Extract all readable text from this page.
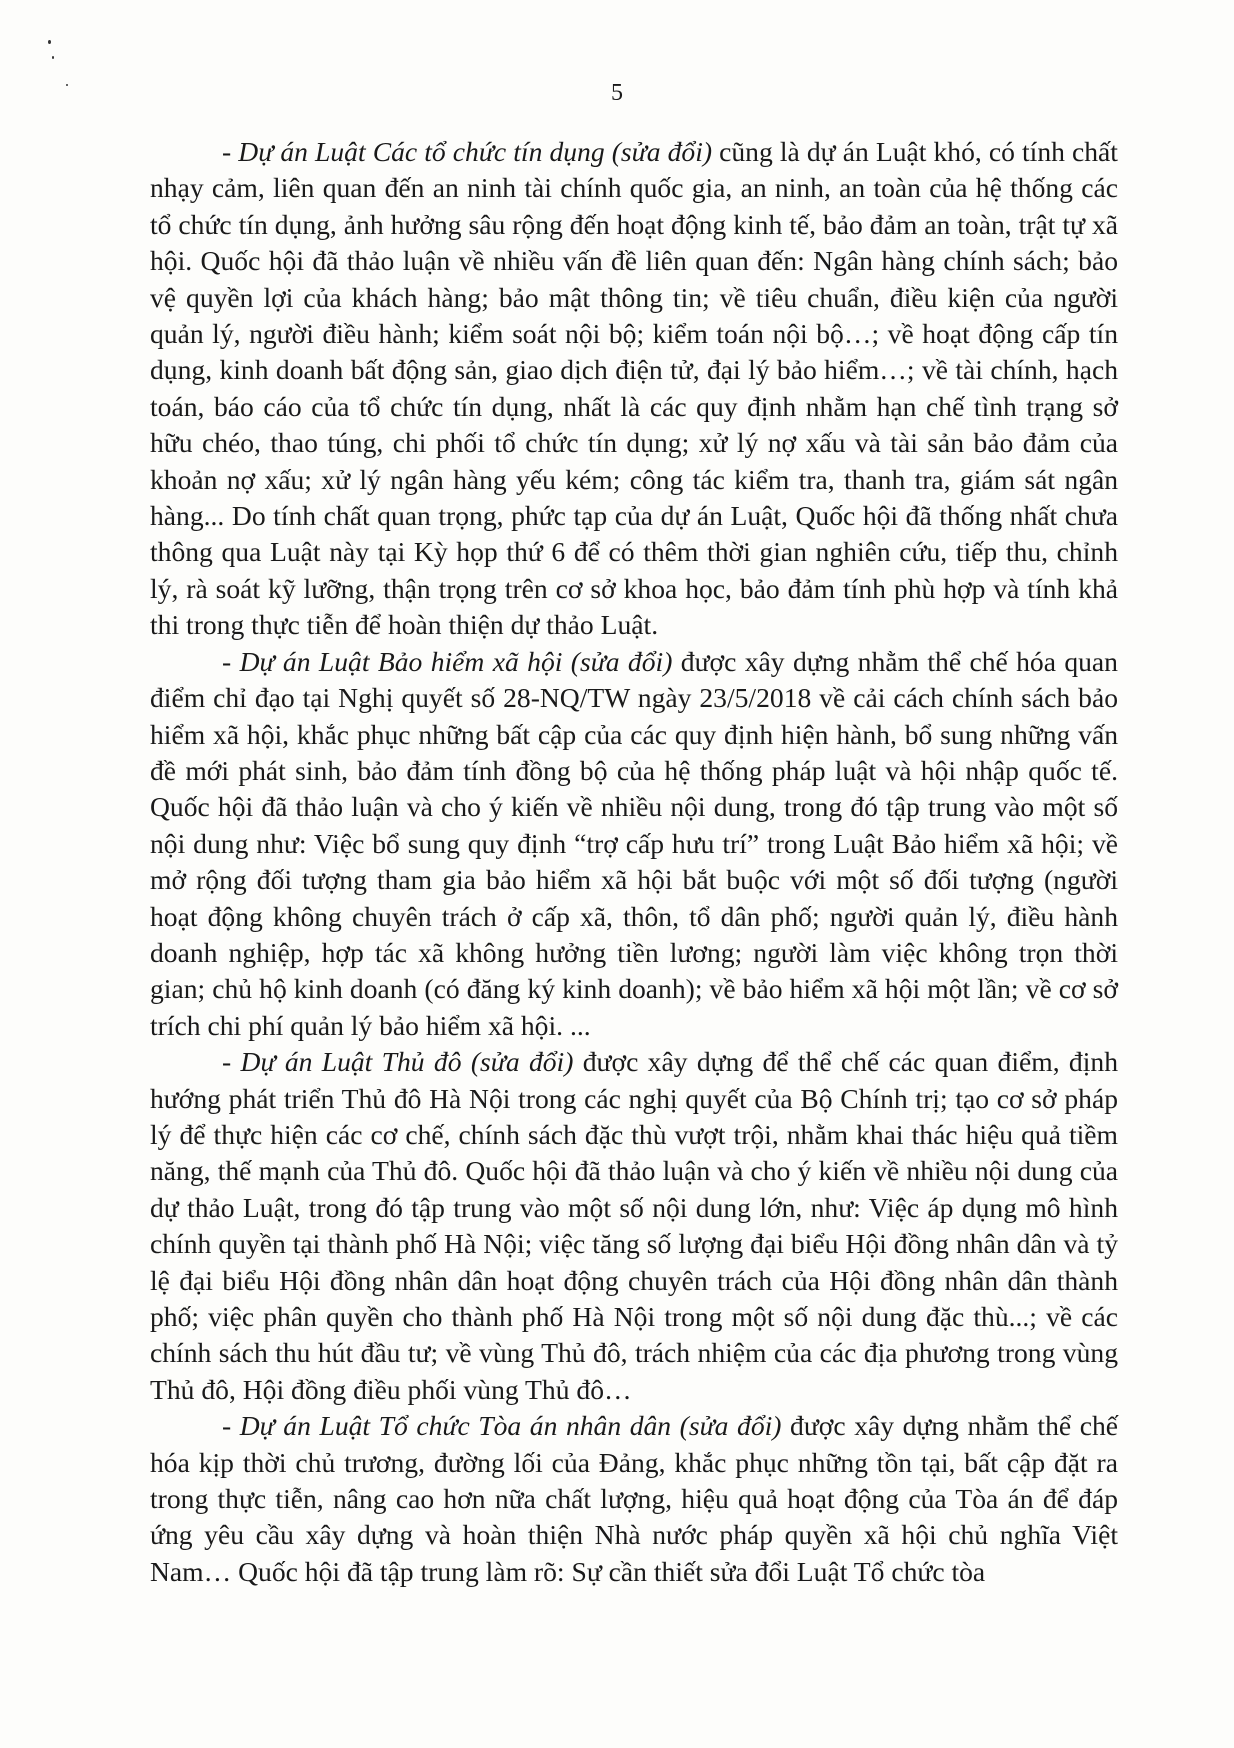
5

- Dự án Luật Các tổ chức tín dụng (sửa đổi) cũng là dự án Luật khó, có tính chất nhạy cảm, liên quan đến an ninh tài chính quốc gia, an ninh, an toàn của hệ thống các tổ chức tín dụng, ảnh hưởng sâu rộng đến hoạt động kinh tế, bảo đảm an toàn, trật tự xã hội. Quốc hội đã thảo luận về nhiều vấn đề liên quan đến: Ngân hàng chính sách; bảo vệ quyền lợi của khách hàng; bảo mật thông tin; về tiêu chuẩn, điều kiện của người quản lý, người điều hành; kiểm soát nội bộ; kiểm toán nội bộ…; về hoạt động cấp tín dụng, kinh doanh bất động sản, giao dịch điện tử, đại lý bảo hiểm…; về tài chính, hạch toán, báo cáo của tổ chức tín dụng, nhất là các quy định nhằm hạn chế tình trạng sở hữu chéo, thao túng, chi phối tổ chức tín dụng; xử lý nợ xấu và tài sản bảo đảm của khoản nợ xấu; xử lý ngân hàng yếu kém; công tác kiểm tra, thanh tra, giám sát ngân hàng... Do tính chất quan trọng, phức tạp của dự án Luật, Quốc hội đã thống nhất chưa thông qua Luật này tại Kỳ họp thứ 6 để có thêm thời gian nghiên cứu, tiếp thu, chỉnh lý, rà soát kỹ lưỡng, thận trọng trên cơ sở khoa học, bảo đảm tính phù hợp và tính khả thi trong thực tiễn để hoàn thiện dự thảo Luật.

- Dự án Luật Bảo hiểm xã hội (sửa đổi) được xây dựng nhằm thể chế hóa quan điểm chỉ đạo tại Nghị quyết số 28-NQ/TW ngày 23/5/2018 về cải cách chính sách bảo hiểm xã hội, khắc phục những bất cập của các quy định hiện hành, bổ sung những vấn đề mới phát sinh, bảo đảm tính đồng bộ của hệ thống pháp luật và hội nhập quốc tế. Quốc hội đã thảo luận và cho ý kiến về nhiều nội dung, trong đó tập trung vào một số nội dung như: Việc bổ sung quy định “trợ cấp hưu trí” trong Luật Bảo hiểm xã hội; về mở rộng đối tượng tham gia bảo hiểm xã hội bắt buộc với một số đối tượng (người hoạt động không chuyên trách ở cấp xã, thôn, tổ dân phố; người quản lý, điều hành doanh nghiệp, hợp tác xã không hưởng tiền lương; người làm việc không trọn thời gian; chủ hộ kinh doanh (có đăng ký kinh doanh); về bảo hiểm xã hội một lần; về cơ sở trích chi phí quản lý bảo hiểm xã hội. ...

- Dự án Luật Thủ đô (sửa đổi) được xây dựng để thể chế các quan điểm, định hướng phát triển Thủ đô Hà Nội trong các nghị quyết của Bộ Chính trị; tạo cơ sở pháp lý để thực hiện các cơ chế, chính sách đặc thù vượt trội, nhằm khai thác hiệu quả tiềm năng, thế mạnh của Thủ đô. Quốc hội đã thảo luận và cho ý kiến về nhiều nội dung của dự thảo Luật, trong đó tập trung vào một số nội dung lớn, như: Việc áp dụng mô hình chính quyền tại thành phố Hà Nội; việc tăng số lượng đại biểu Hội đồng nhân dân và tỷ lệ đại biểu Hội đồng nhân dân hoạt động chuyên trách của Hội đồng nhân dân thành phố; việc phân quyền cho thành phố Hà Nội trong một số nội dung đặc thù...; về các chính sách thu hút đầu tư; về vùng Thủ đô, trách nhiệm của các địa phương trong vùng Thủ đô, Hội đồng điều phối vùng Thủ đô…

- Dự án Luật Tổ chức Tòa án nhân dân (sửa đổi) được xây dựng nhằm thể chế hóa kịp thời chủ trương, đường lối của Đảng, khắc phục những tồn tại, bất cập đặt ra trong thực tiễn, nâng cao hơn nữa chất lượng, hiệu quả hoạt động của Tòa án để đáp ứng yêu cầu xây dựng và hoàn thiện Nhà nước pháp quyền xã hội chủ nghĩa Việt Nam… Quốc hội đã tập trung làm rõ: Sự cần thiết sửa đổi Luật Tổ chức tòa
